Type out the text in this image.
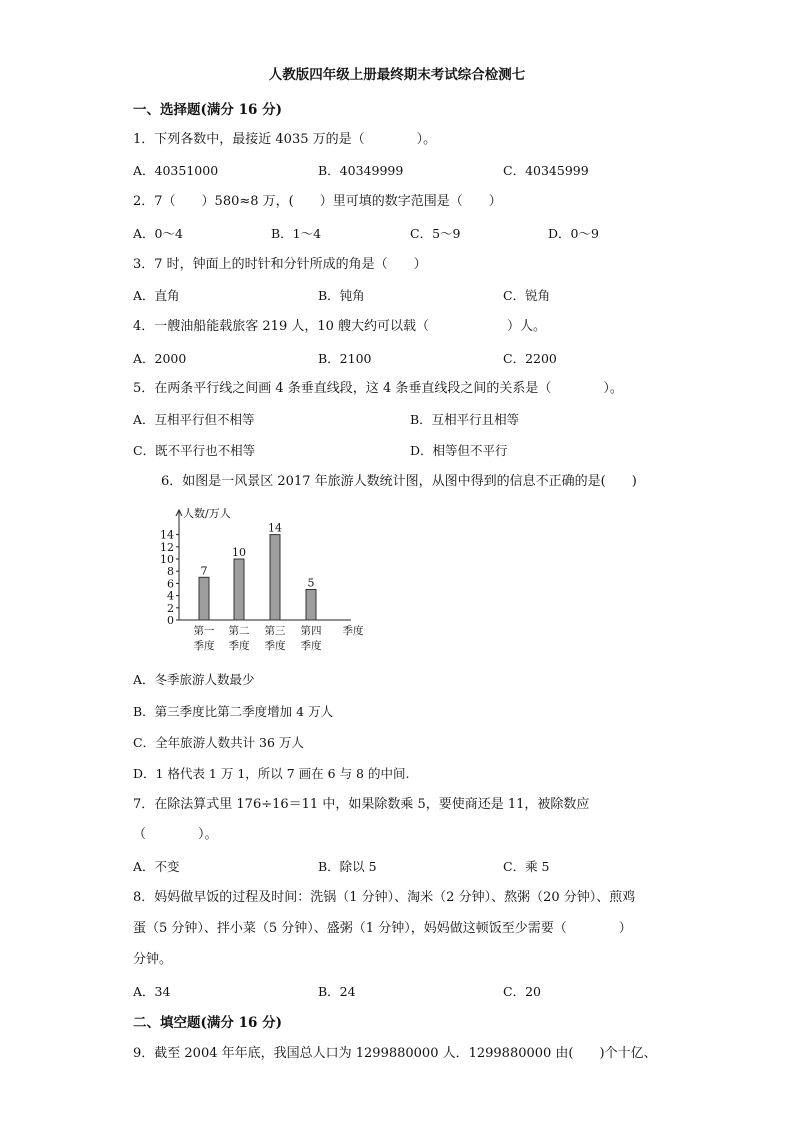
人教版四年级上册最终期末考试综合检测七
一、选择题(满分 16 分)
1．下列各数中，最接近 4035 万的是（　　　　）。
A．40351000	B．40349999	C．40345999
2．7（　　）580≈8 万，(　　）里可填的数字范围是（　　）
A．0～4	B．1～4	C．5～9	D．0～9
3．7 时，钟面上的时针和分针所成的角是（　　）
A．直角	B．钝角	C．锐角
4．一艘油船能载旅客 219 人，10 艘大约可以载（　　　　　　）人。
A．2000	B．2100	C．2200
5．在两条平行线之间画 4 条垂直线段，这 4 条垂直线段之间的关系是（　　　　）。
A．互相平行但不相等	B．互相平行且相等
C．既不平行也不相等	D．相等但不平行
6．如图是一风景区 2017 年旅游人数统计图，从图中得到的信息不正确的是(　　)
0
2
4
6
8
10
12
14
人数/万人
7
第一
季度
10
第二
季度
14
第三
季度
5
第四
季度
季度
A．冬季旅游人数最少
B．第三季度比第二季度增加 4 万人
C．全年旅游人数共计 36 万人
D．1 格代表 1 万 1，所以 7 画在 6 与 8 的中间.
7．在除法算式里 176÷16＝11 中，如果除数乘 5，要使商还是 11，被除数应
（　　　　）。
A．不变	B．除以 5	C．乘 5
8．妈妈做早饭的过程及时间：洗锅（1 分钟）、淘米（2 分钟）、熬粥（20 分钟）、煎鸡
蛋（5 分钟）、拌小菜（5 分钟）、盛粥（1 分钟），妈妈做这顿饭至少需要（　　　　）
分钟。
A．34	B．24	C．20
二、填空题(满分 16 分)
9．截至 2004 年年底，我国总人口为 1299880000 人．1299880000 由(　　)个十亿、
